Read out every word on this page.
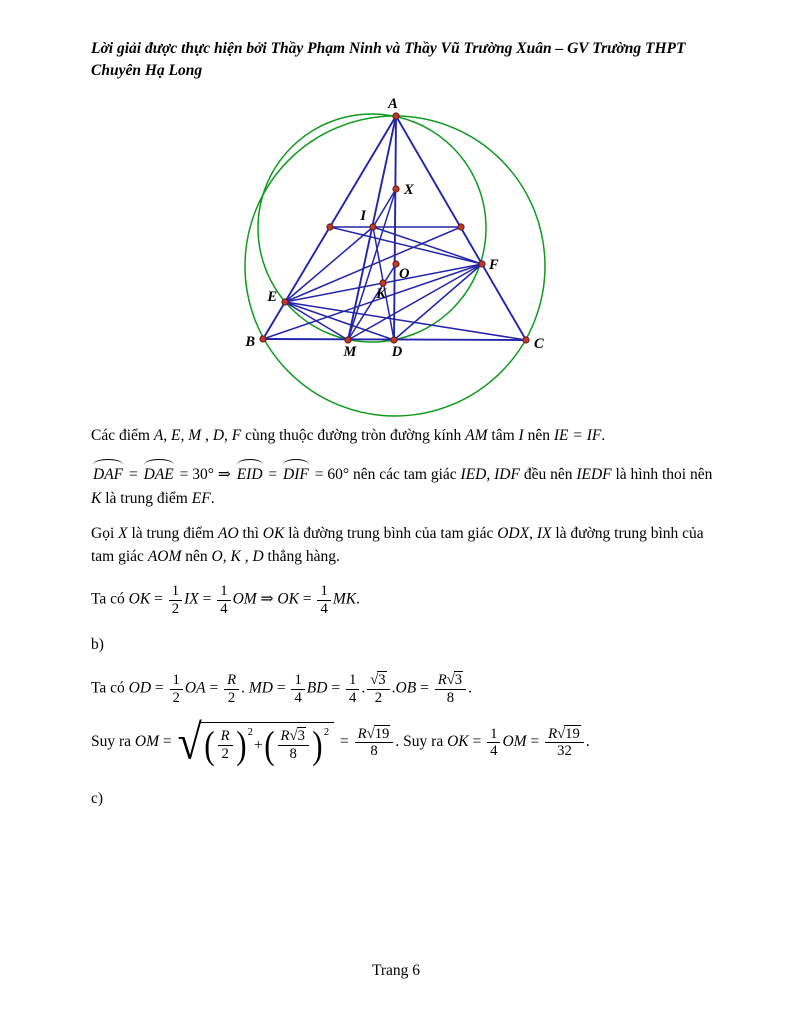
Lời giải được thực hiện bởi Thầy Phạm Ninh và Thầy Vũ Trường Xuân – GV Trường THPT Chuyên Hạ Long
A
X
I
O
K
F
E
B
M D	C

Các điểm A, E, M , D, F cùng thuộc đường tròn đường kính AM tâm I nên IE = IF.

DAF = DAE = 30° ⇒ EID = DIF = 60° nên các tam giác IED, IDF đều nên IEDF là hình thoi nên K là trung điểm EF.

Gọi X là trung điểm AO thì OK là đường trung bình của tam giác ODX, IX là đường trung bình của tam giác AOM nên O, K , D thẳng hàng.

Ta có OK = $\frac{1}{2}$ IX = $\frac{1}{4}$ OM ⇒ OK = $\frac{1}{4}$ MK.

b)

Ta có OD = $\frac{1}{2}$ OA = $\frac{R}{2}$ . MD = $\frac{1}{4}$ BD = $\frac{1}{4}$ . $\frac{√3}{2} .OB = \frac{R√3}{8}$ .

Suy ra OM = √ ( $\frac{R}{2}$ ) 2
+ ( $\frac{R√3}{8}$ ) 2
= $\frac{R√19}{8}$ . Suy ra OK = $\frac{1}{4}$ OM = $\frac{R√19}{32}$ .

c)

Trang 6
